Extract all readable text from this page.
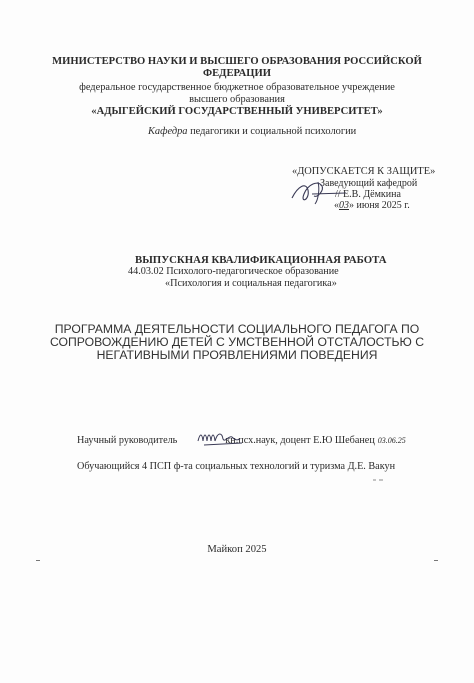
МИНИСТЕРСТВО НАУКИ И ВЫСШЕГО ОБРАЗОВАНИЯ РОССИЙСКОЙ
ФЕДЕРАЦИИ
федеральное государственное бюджетное образовательное учреждение
высшего образования
«АДЫГЕЙСКИЙ ГОСУДАРСТВЕННЫЙ УНИВЕРСИТЕТ»
Кафедра педагогики и социальной психологии
«ДОПУСКАЕТСЯ К ЗАЩИТЕ»
Заведующий кафедрой
// Е.В. Дёмкина
«03» июня 2025 г.
ВЫПУСКНАЯ КВАЛИФИКАЦИОННАЯ РАБОТА
44.03.02 Психолого-педагогическое образование
«Психология и социальная педагогика»
ПРОГРАММА ДЕЯТЕЛЬНОСТИ СОЦИАЛЬНОГО ПЕДАГОГА ПО
СОПРОВОЖДЕНИЮ ДЕТЕЙ С УМСТВЕННОЙ ОТСТАЛОСТЬЮ С
НЕГАТИВНЫМИ ПРОЯВЛЕНИЯМИ ПОВЕДЕНИЯ
Научный руководитель	кн.псх.наук, доцент Е.Ю Шебанец 03.06.25
Обучающийся 4 ПСП ф-та социальных технологий и туризма Д.Е. Вакун
Майкоп 2025
